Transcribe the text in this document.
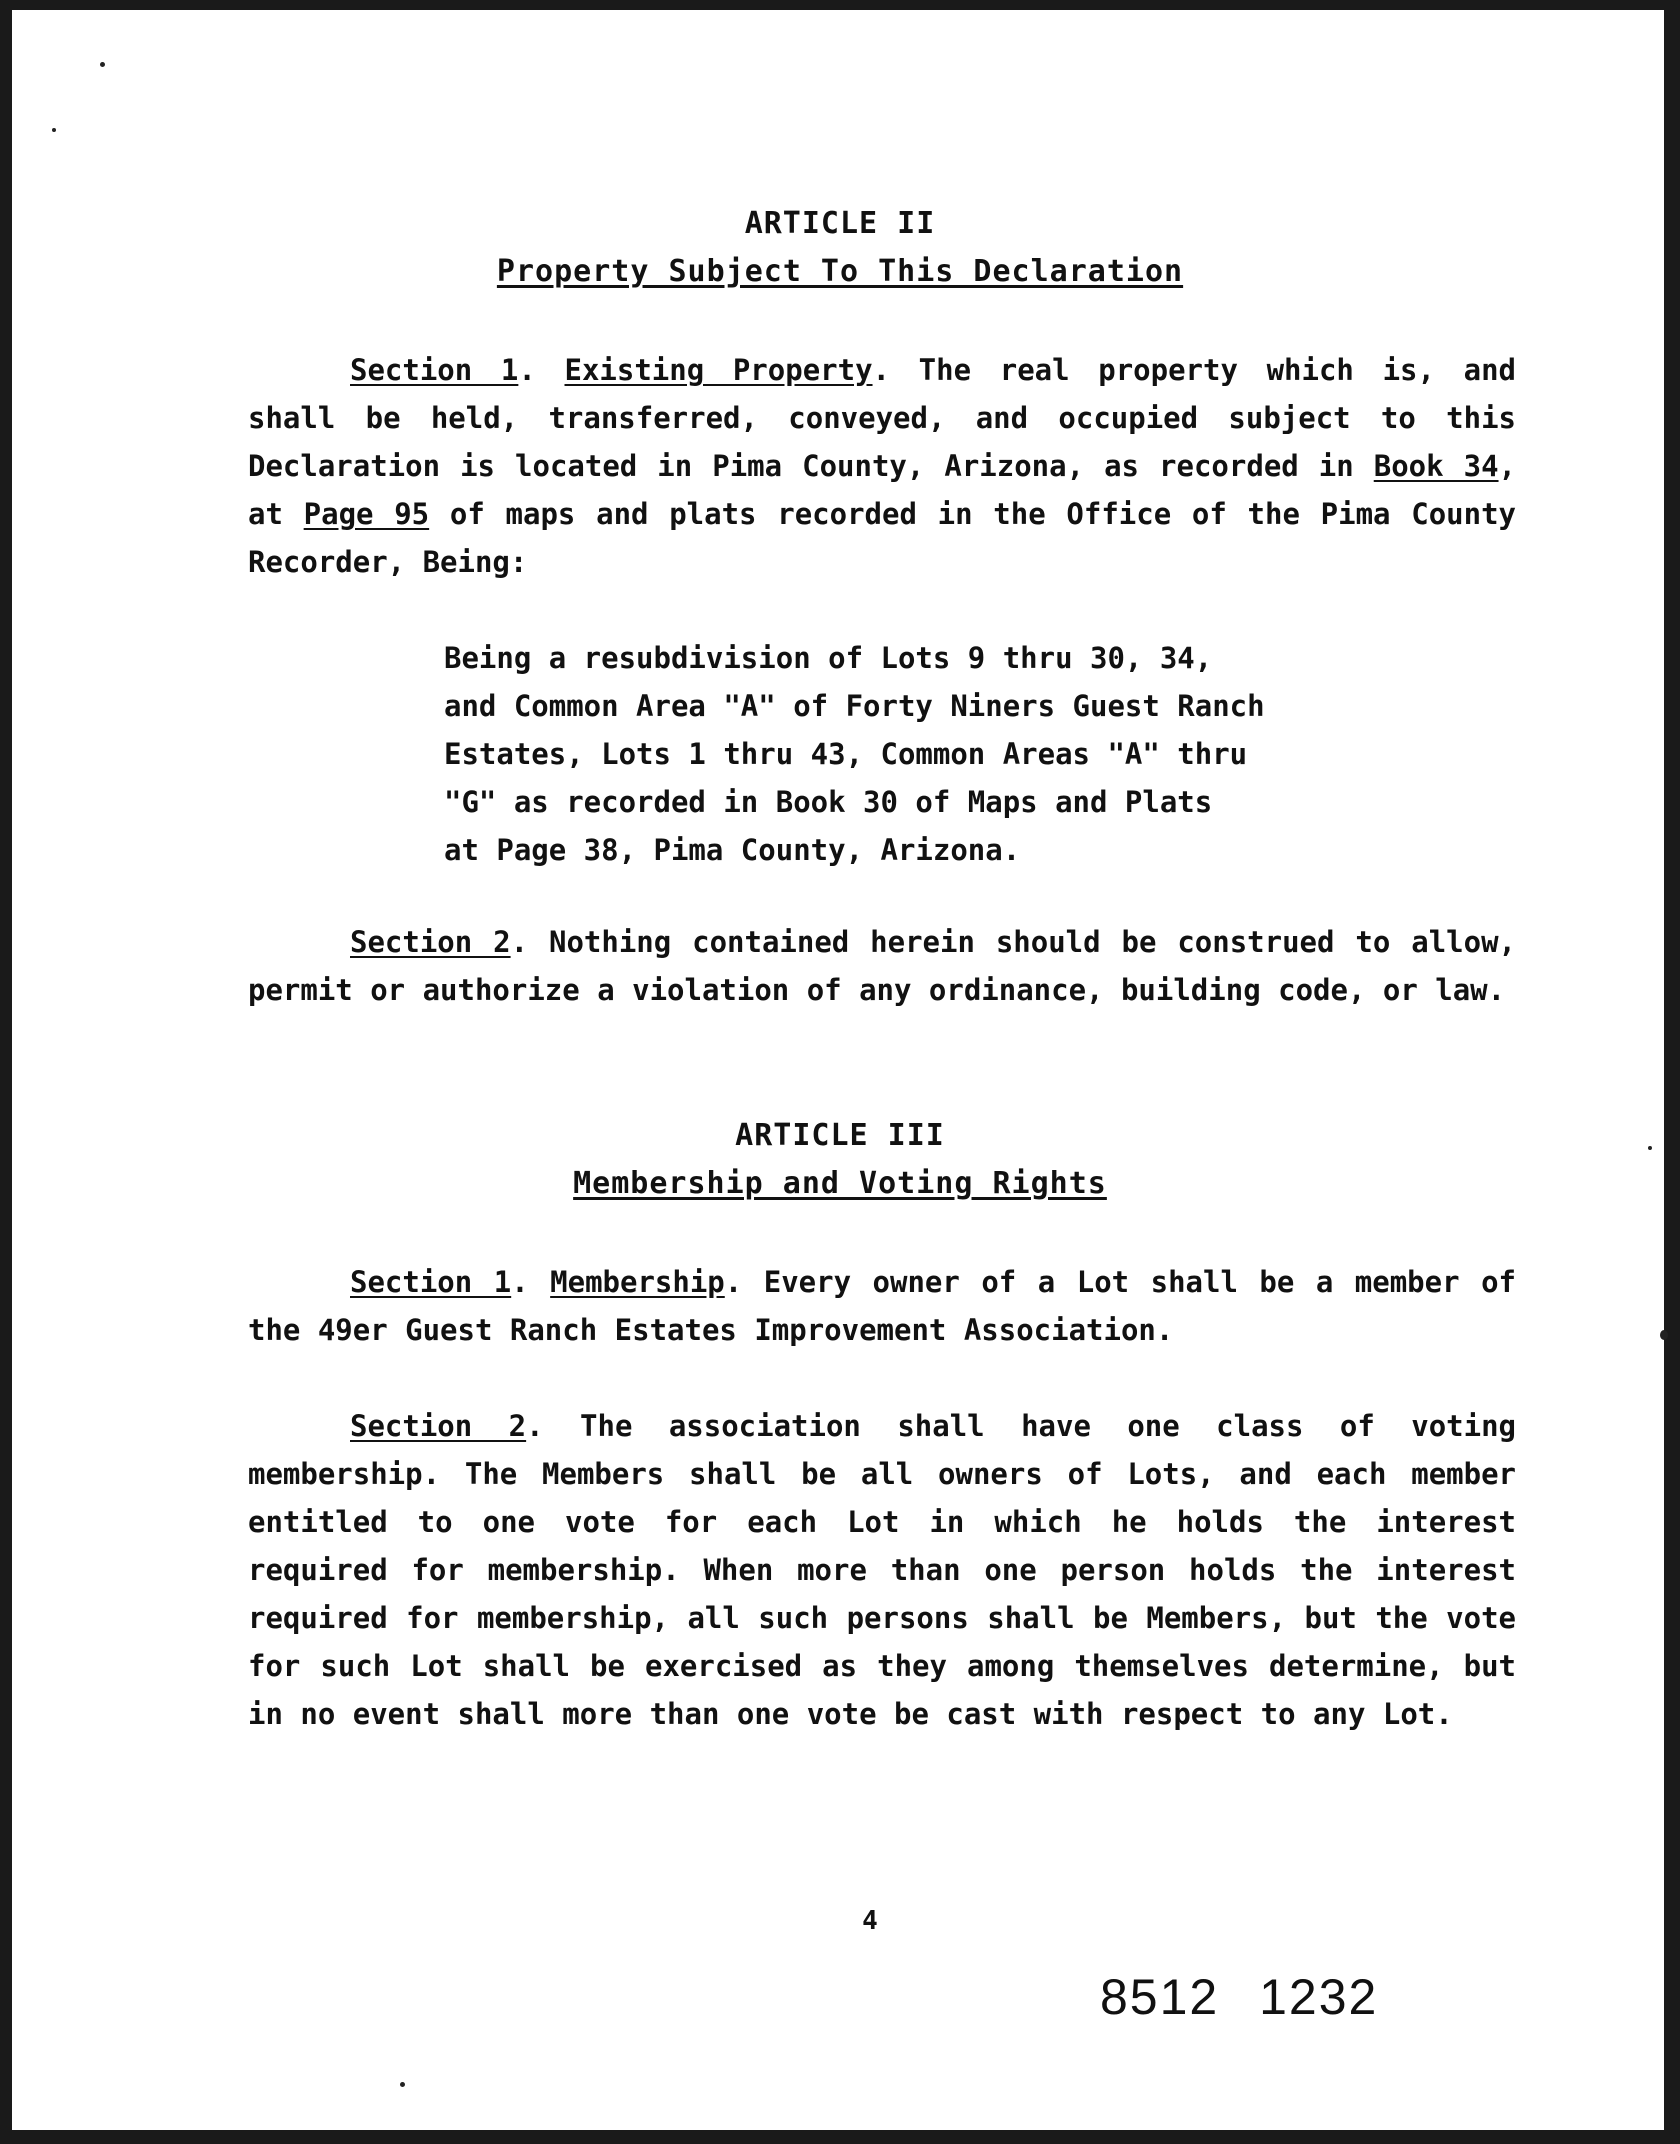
ARTICLE II
Property Subject To This Declaration

Section 1. Existing Property. The real property which is, and shall be held, transferred, conveyed, and occupied subject to this Declaration is located in Pima County, Arizona, as recorded in Book 34, at Page 95 of maps and plats recorded in the Office of the Pima County Recorder, Being:

Being a resubdivision of Lots 9 thru 30, 34,
and Common Area "A" of Forty Niners Guest Ranch
Estates, Lots 1 thru 43, Common Areas "A" thru
"G" as recorded in Book 30 of Maps and Plats
at Page 38, Pima County, Arizona.

Section 2. Nothing contained herein should be construed to allow, permit or authorize a violation of any ordinance, building code, or law.

ARTICLE III
Membership and Voting Rights

Section 1. Membership. Every owner of a Lot shall be a member of the 49er Guest Ranch Estates Improvement Association.

Section 2. The association shall have one class of voting membership. The Members shall be all owners of Lots, and each member entitled to one vote for each Lot in which he holds the interest required for membership. When more than one person holds the interest required for membership, all such persons shall be Members, but the vote for such Lot shall be exercised as they among themselves determine, but in no event shall more than one vote be cast with respect to any Lot.

4
8512 1232
